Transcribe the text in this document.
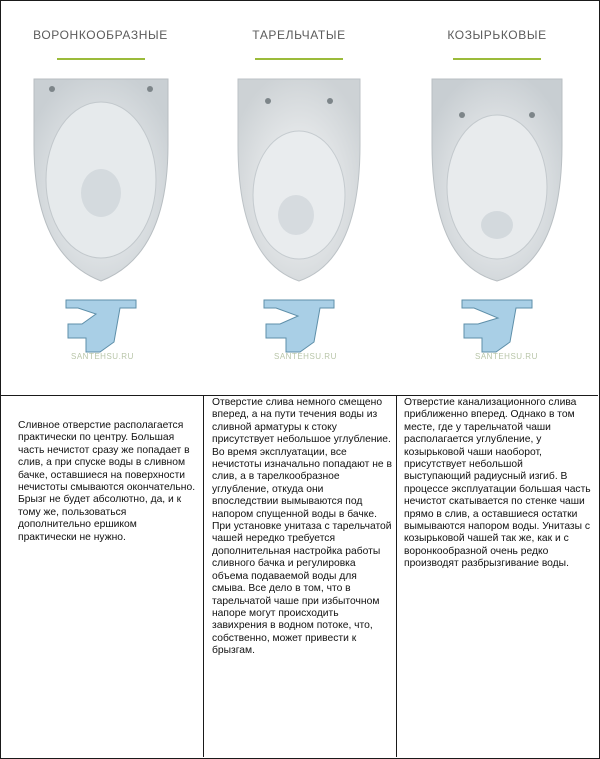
ВОРОНКООБРАЗНЫЕ
SANTEHSU.RU
ТАРЕЛЬЧАТЫЕ
SANTEHSU.RU
КОЗЫРЬКОВЫЕ
SANTEHSU.RU
Сливное отверстие располагается практически по центру. Большая часть нечистот сразу же попадает в слив, а при спуске воды в сливном бачке, оставшиеся на поверхности нечистоты смываются окончательно. Брызг не будет абсолютно, да, и к тому же, пользоваться дополнительно ершиком практически не нужно.
Отверстие слива немного смещено вперед, а на пути течения воды из сливной арматуры к стоку присутствует небольшое углубление. Во время эксплуатации, все нечистоты изначально попадают не в слив, а в тарелкообразное углубление, откуда они впоследствии вымываются под напором спущенной воды в бачке. При установке унитаза с тарельчатой чашей нередко требуется дополнительная настройка работы сливного бачка и регулировка объема подаваемой воды для смыва. Все дело в том, что в тарельчатой чаше при избыточном напоре могут происходить завихрения в водном потоке, что, собственно, может привести к брызгам.
Отверстие канализационного слива приближенно вперед. Однако в том месте, где у тарельчатой чаши располагается углубление, у козырьковой чаши наоборот, присутствует небольшой выступающий радиусный изгиб. В процессе эксплуатации большая часть нечистот скатывается по стенке чаши прямо в слив, а оставшиеся остатки вымываются напором воды. Унитазы с козырьковой чашей так же, как и с воронкообразной очень редко производят разбрызгивание воды.
